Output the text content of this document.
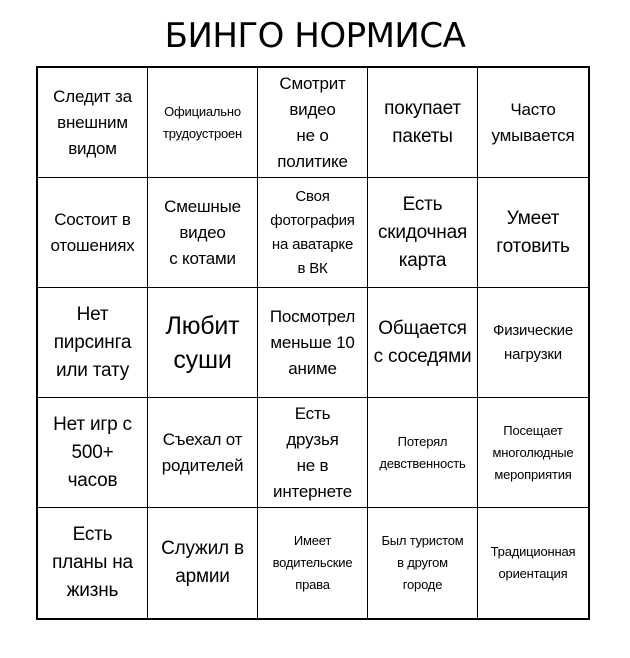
БИНГО НОРМИСА
Следит за
внешним
видом
Официально
трудоустроен
Смотрит
видео
не о
политике
покупает
пакеты
Часто
умывается
Состоит в
отошениях
Смешные
видео
с котами
Своя
фотография
на аватарке
в ВК
Есть
скидочная
карта
Умеет
готовить
Нет
пирсинга
или тату
Любит
суши
Посмотрел
меньше 10
аниме
Общается
с соседями
Физические
нагрузки
Нет игр с
500+
часов
Съехал от
родителей
Есть
друзья
не в
интернете
Потерял
девственность
Посещает
многолюдные
мероприятия
Есть
планы на
жизнь
Служил в
армии
Имеет
водительские
права
Был туристом
в другом
городе
Традиционная
ориентация
